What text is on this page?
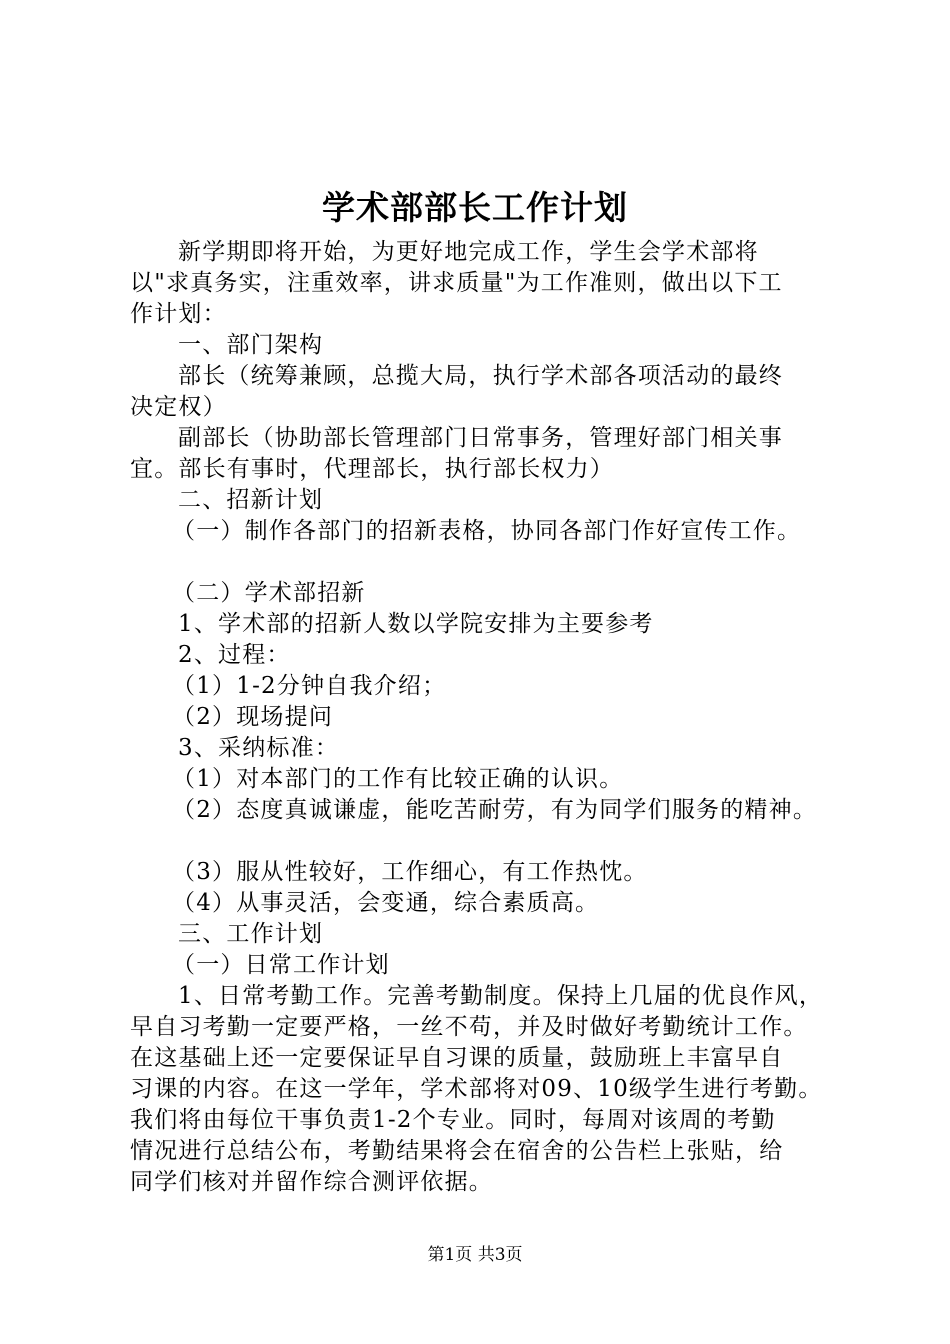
学术部部长工作计划
新学期即将开始，为更好地完成工作，学生会学术部将
以"求真务实，注重效率，讲求质量"为工作准则，做出以下工
作计划：
一、部门架构
部长（统筹兼顾，总揽大局，执行学术部各项活动的最终
决定权）
副部长（协助部长管理部门日常事务，管理好部门相关事
宜。部长有事时，代理部长，执行部长权力）
二、招新计划
（一）制作各部门的招新表格，协同各部门作好宣传工作。
（二）学术部招新
1、学术部的招新人数以学院安排为主要参考
2、过程：
（1）1-2分钟自我介绍；
（2）现场提问
3、采纳标准：
（1）对本部门的工作有比较正确的认识。
（2）态度真诚谦虚，能吃苦耐劳，有为同学们服务的精神。
（3）服从性较好，工作细心，有工作热忱。
（4）从事灵活，会变通，综合素质高。
三、工作计划
（一）日常工作计划
1、日常考勤工作。完善考勤制度。保持上几届的优良作风，
早自习考勤一定要严格，一丝不苟，并及时做好考勤统计工作。
在这基础上还一定要保证早自习课的质量，鼓励班上丰富早自
习课的内容。在这一学年，学术部将对09、10级学生进行考勤。
我们将由每位干事负责1-2个专业。同时，每周对该周的考勤
情况进行总结公布，考勤结果将会在宿舍的公告栏上张贴，给
同学们核对并留作综合测评依据。
第1页 共3页
